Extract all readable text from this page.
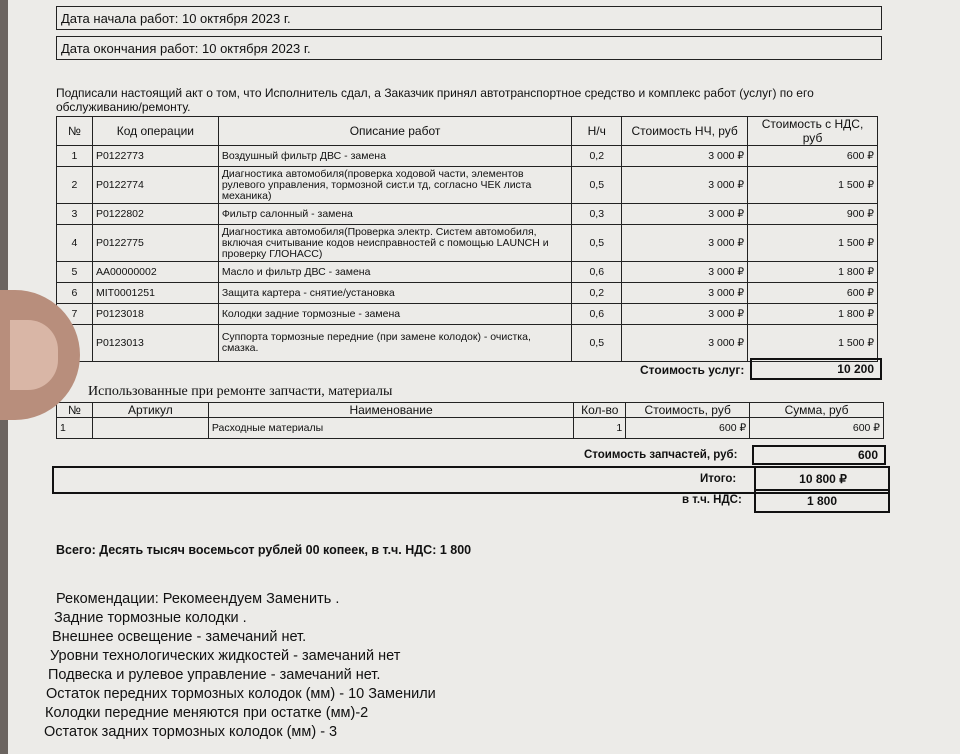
Дата начала работ: 10 октября 2023 г.
Дата окончания работ: 10 октября 2023 г.
Подписали настоящий акт о том, что Исполнитель сдал, а Заказчик принял автотранспортное средство и комплекс работ (услуг) по его обслуживанию/ремонту.
№	Код операции	Описание работ	Н/ч	Стоимость НЧ, руб	Стоимость с НДС, руб
1	P0122773	Воздушный фильтр ДВС - замена	0,2	3 000 ₽	600 ₽
2	P0122774	Диагностика автомобиля(проверка ходовой части, элементов рулевого управления, тормозной сист.и тд, согласно ЧЕК листа механика)	0,5	3 000 ₽	1 500 ₽
3	P0122802	Фильтр салонный - замена	0,3	3 000 ₽	900 ₽
4	P0122775	Диагностика автомобиля(Проверка электр. Систем автомобиля, включая считывание кодов неисправностей с помощью LAUNCH и проверку ГЛОНАСС)	0,5	3 000 ₽	1 500 ₽
5	AA00000002	Масло и фильтр ДВС - замена	0,6	3 000 ₽	1 800 ₽
6	MIT0001251	Защита картера - снятие/установка	0,2	3 000 ₽	600 ₽
7	P0123018	Колодки задние тормозные - замена	0,6	3 000 ₽	1 800 ₽
	P0123013	Суппорта тормозные передние (при замене колодок) - очистка, смазка.	0,5	3 000 ₽	1 500 ₽
Стоимость услуг:	10 200
Использованные при ремонте запчасти, материалы
№	Артикул	Наименование	Кол-во	Стоимость, руб	Сумма, руб
1		Расходные материалы	1	600 ₽	600 ₽
Стоимость запчастей, руб:	600
Итого:	10 800 ₽
в т.ч. НДС:	1 800
Всего: Десять тысяч восемьсот рублей 00 копеек, в т.ч. НДС: 1 800
Рекомендации: Рекомеендуем Заменить .
Задние тормозные колодки .
Внешнее освещение - замечаний нет.
Уровни технологических жидкостей - замечаний нет
Подвеска и рулевое управление - замечаний нет.
Остаток передних тормозных колодок (мм) - 10 Заменили
Колодки передние меняются при остатке (мм)-2
Остаток задних тормозных колодок (мм) - 3
